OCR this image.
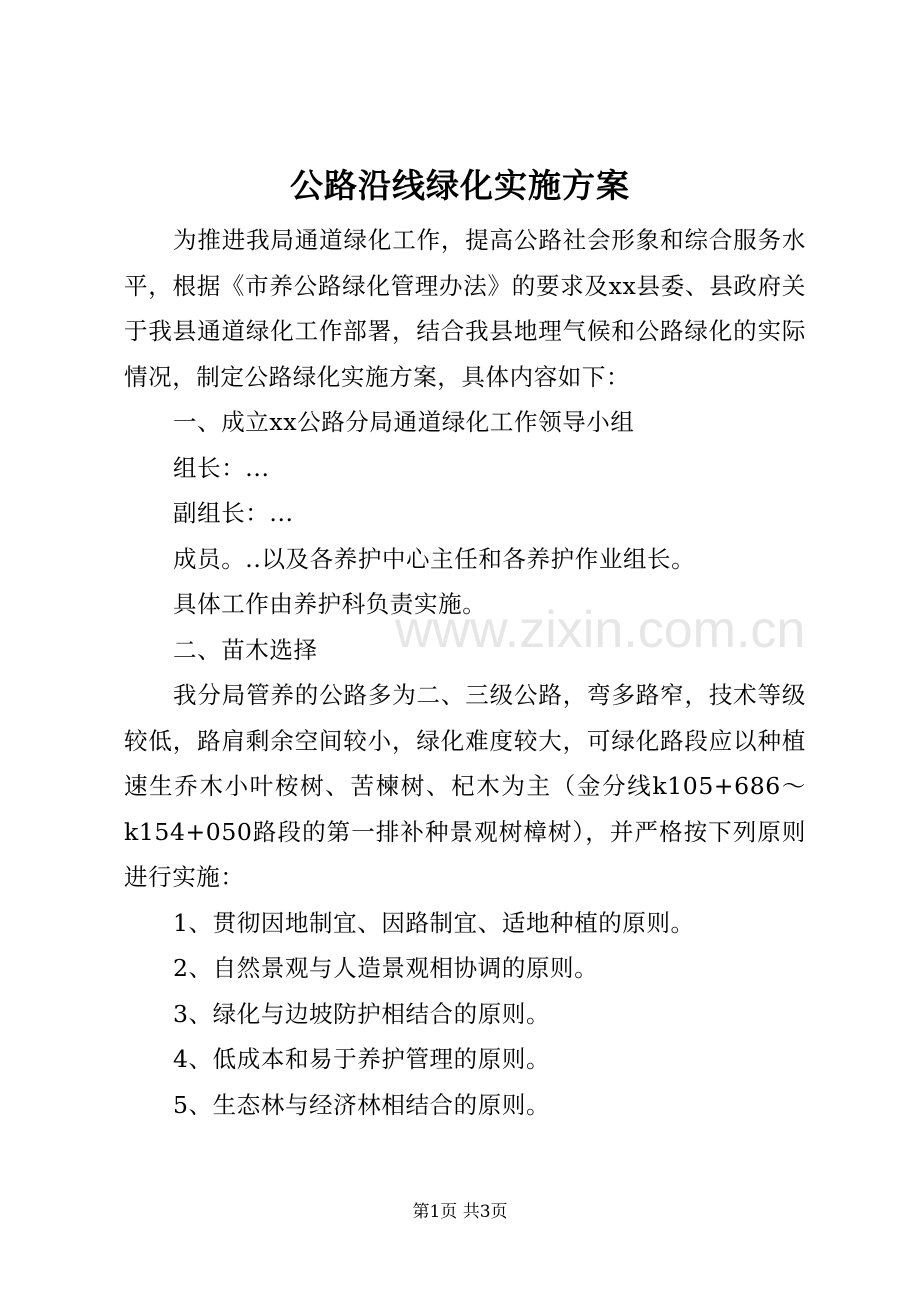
公路沿线绿化实施方案

为推进我局通道绿化工作，提高公路社会形象和综合服务水平，根据《市养公路绿化管理办法》的要求及xx县委、县政府关于我县通道绿化工作部署，结合我县地理气候和公路绿化的实际情况，制定公路绿化实施方案，具体内容如下：

一、成立xx公路分局通道绿化工作领导小组

组长：...

副组长：...

成员。..以及各养护中心主任和各养护作业组长。

具体工作由养护科负责实施。

二、苗木选择

我分局管养的公路多为二、三级公路，弯多路窄，技术等级较低，路肩剩余空间较小，绿化难度较大，可绿化路段应以种植速生乔木小叶桉树、苦楝树、杞木为主（金分线k105+686～k154+050路段的第一排补种景观树樟树），并严格按下列原则进行实施：

1、贯彻因地制宜、因路制宜、适地种植的原则。

2、自然景观与人造景观相协调的原则。

3、绿化与边坡防护相结合的原则。

4、低成本和易于养护管理的原则。

5、生态林与经济林相结合的原则。

www.zixin.com.cn
第1页 共3页
